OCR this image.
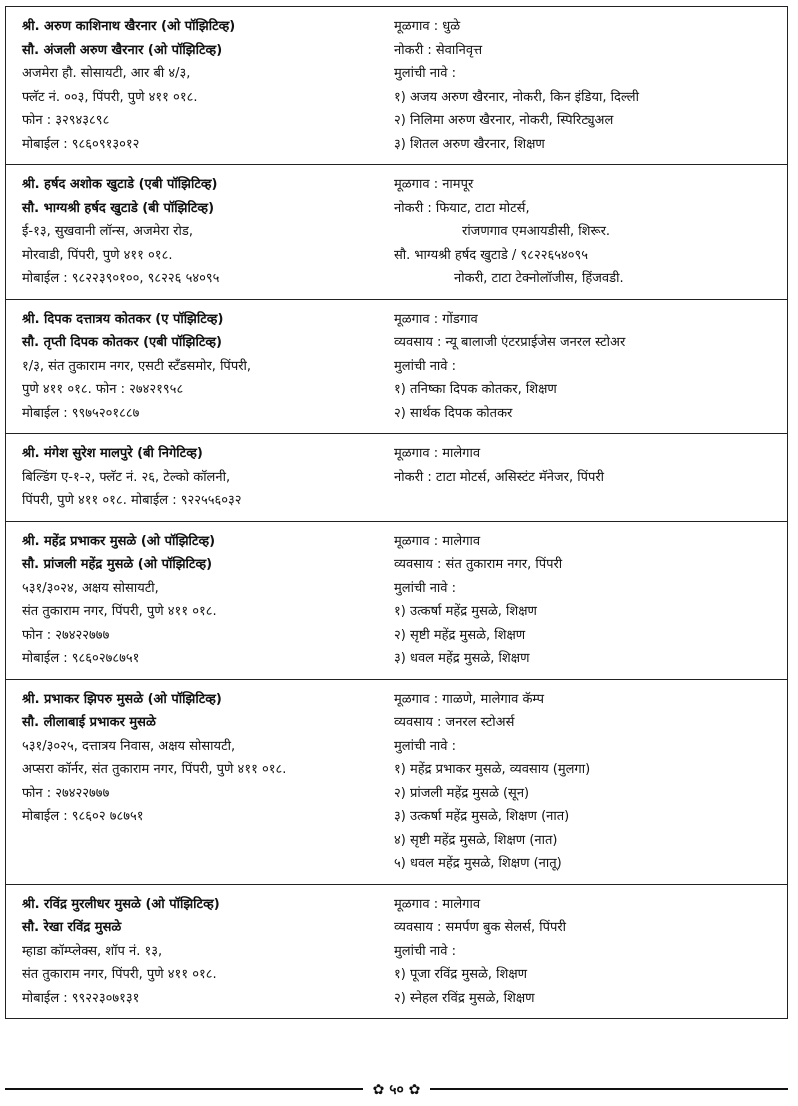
श्री. अरुण काशिनाथ खैरनार (ओ पॉझिटिव्ह)
सौ. अंजली अरुण खैरनार (ओ पॉझिटिव्ह)
अजमेरा हौ. सोसायटी, आर बी ४/३,
फ्लॅट नं. ००३, पिंपरी, पुणे ४११ ०१८.
फोन : ३२९४३८९८
मोबाईल : ९८६०९१३०१२
मूळगाव : धुळे
नोकरी : सेवानिवृत्त
मुलांची नावे :
१) अजय अरुण खैरनार, नोकरी, किन इंडिया, दिल्ली
२) निलिमा अरुण खैरनार, नोकरी, स्पिरिट्युअल
३) शितल अरुण खैरनार, शिक्षण
श्री. हर्षद अशोक खुटाडे (एबी पॉझिटिव्ह)
सौ. भाग्यश्री हर्षद खुटाडे (बी पॉझिटिव्ह)
ई-१३, सुखवानी लॉन्स, अजमेरा रोड,
मोरवाडी, पिंपरी, पुणे ४११ ०१८.
मोबाईल : ९८२२३९०१००, ९८२२६ ५४०९५
मूळगाव : नामपूर
नोकरी : फियाट, टाटा मोटर्स,
रांजणगाव एमआयडीसी, शिरूर.
सौ. भाग्यश्री हर्षद खुटाडे / ९८२२६५४०९५
नोकरी, टाटा टेक्नोलॉजीस, हिंजवडी.
श्री. दिपक दत्तात्रय कोतकर (ए पॉझिटिव्ह)
सौ. तृप्ती दिपक कोतकर (एबी पॉझिटिव्ह)
१/३, संत तुकाराम नगर, एसटी स्टँडसमोर, पिंपरी,
पुणे ४११ ०१८. फोन : २७४२१९५८
मोबाईल : ९९७५२०१८८७
मूळगाव : गोंडगाव
व्यवसाय : न्यू बालाजी एंटरप्राईजेस जनरल स्टोअर
मुलांची नावे :
१) तनिष्का दिपक कोतकर, शिक्षण
२) सार्थक दिपक कोतकर
श्री. मंगेश सुरेश मालपुरे (बी निगेटिव्ह)
बिल्डिंग ए-१-२, फ्लॅट नं. २६, टेल्को कॉलनी,
पिंपरी, पुणे ४११ ०१८. मोबाईल : ९२२५५६०३२
मूळगाव : मालेगाव
नोकरी : टाटा मोटर्स, असिस्टंट मॅनेजर, पिंपरी
श्री. महेंद्र प्रभाकर मुसळे (ओ पॉझिटिव्ह)
सौ. प्रांजली महेंद्र मुसळे (ओ पॉझिटिव्ह)
५३१/३०२४, अक्षय सोसायटी,
संत तुकाराम नगर, पिंपरी, पुणे ४११ ०१८.
फोन : २७४२२७७७
मोबाईल : ९८६०२७८७५१
मूळगाव : मालेगाव
व्यवसाय : संत तुकाराम नगर, पिंपरी
मुलांची नावे :
१) उत्कर्षा महेंद्र मुसळे, शिक्षण
२) सृष्टी महेंद्र मुसळे, शिक्षण
३) धवल महेंद्र मुसळे, शिक्षण
श्री. प्रभाकर झिपरु मुसळे (ओ पॉझिटिव्ह)
सौ. लीलाबाई प्रभाकर मुसळे
५३१/३०२५, दत्तात्रय निवास, अक्षय सोसायटी,
अप्सरा कॉर्नर, संत तुकाराम नगर, पिंपरी, पुणे ४११ ०१८.
फोन : २७४२२७७७
मोबाईल : ९८६०२ ७८७५१
मूळगाव : गाळणे, मालेगाव कॅम्प
व्यवसाय : जनरल स्टोअर्स
मुलांची नावे :
१) महेंद्र प्रभाकर मुसळे, व्यवसाय (मुलगा)
२) प्रांजली महेंद्र मुसळे (सून)
३) उत्कर्षा महेंद्र मुसळे, शिक्षण (नात)
४) सृष्टी महेंद्र मुसळे, शिक्षण (नात)
५) धवल महेंद्र मुसळे, शिक्षण (नातू)
श्री. रविंद्र मुरलीधर मुसळे (ओ पॉझिटिव्ह)
सौ. रेखा रविंद्र मुसळे
म्हाडा कॉम्प्लेक्स, शॉप नं. १३,
संत तुकाराम नगर, पिंपरी, पुणे ४११ ०१८.
मोबाईल : ९९२२३०७१३१
मूळगाव : मालेगाव
व्यवसाय : समर्पण बुक सेलर्स, पिंपरी
मुलांची नावे :
१) पूजा रविंद्र मुसळे, शिक्षण
२) स्नेहल रविंद्र मुसळे, शिक्षण
✿ ५० ✿
